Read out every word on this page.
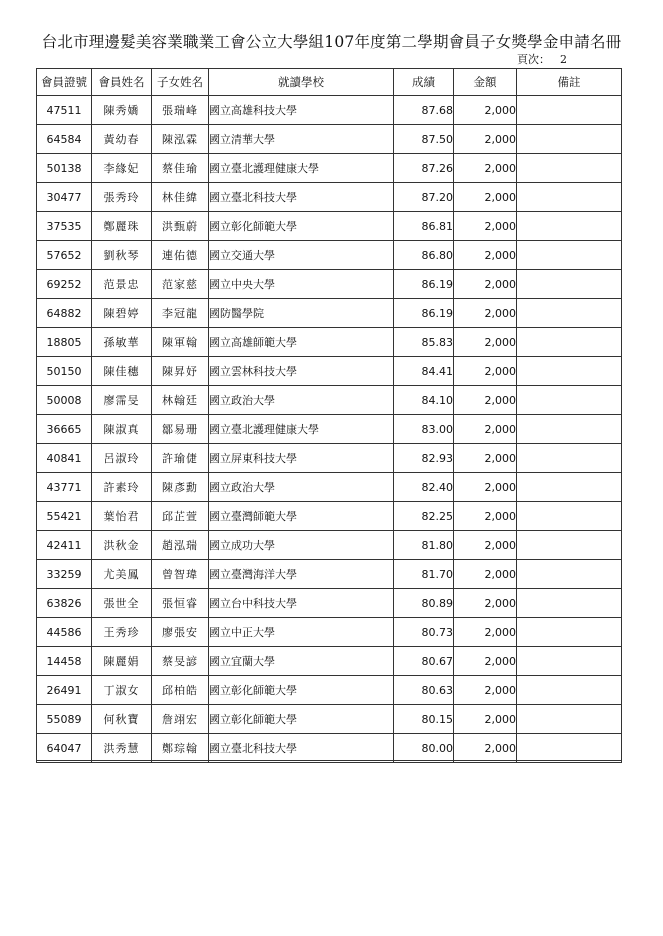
台北市理邊髮美容業職業工會公立大學組107年度第二學期會員子女獎學金申請名冊
頁次： 2
會員證號	會員姓名	子女姓名	就讀學校	成績	金額	備註
47511	陳秀嬌	張瑞峰	國立高雄科技大學	87.68	2,000	
64584	黃幼春	陳泓霖	國立清華大學	87.50	2,000	
50138	李緣妃	蔡佳瑜	國立臺北護理健康大學	87.26	2,000	
30477	張秀玲	林佳緯	國立臺北科技大學	87.20	2,000	
37535	鄭麗珠	洪甄蔚	國立彰化師範大學	86.81	2,000	
57652	劉秋琴	連佑德	國立交通大學	86.80	2,000	
69252	范景忠	范家慈	國立中央大學	86.19	2,000	
64882	陳碧婷	李冠龍	國防醫學院	86.19	2,000	
18805	孫敏華	陳軍翰	國立高雄師範大學	85.83	2,000	
50150	陳佳穗	陳昇妤	國立雲林科技大學	84.41	2,000	
50008	廖霈旻	林翰廷	國立政治大學	84.10	2,000	
36665	陳淑真	鄒易珊	國立臺北護理健康大學	83.00	2,000	
40841	呂淑玲	許瑜倢	國立屏東科技大學	82.93	2,000	
43771	許素玲	陳彥勳	國立政治大學	82.40	2,000	
55421	葉怡君	邱芷萱	國立臺灣師範大學	82.25	2,000	
42411	洪秋金	趙泓瑞	國立成功大學	81.80	2,000	
33259	尤美鳳	曾智瑋	國立臺灣海洋大學	81.70	2,000	
63826	張世全	張恒睿	國立台中科技大學	80.89	2,000	
44586	王秀珍	廖張安	國立中正大學	80.73	2,000	
14458	陳麗娟	蔡旻諺	國立宜蘭大學	80.67	2,000	
26491	丁淑女	邱柏皓	國立彰化師範大學	80.63	2,000	
55089	何秋寶	詹翊宏	國立彰化師範大學	80.15	2,000	
64047	洪秀慧	鄭琮翰	國立臺北科技大學	80.00	2,000	
